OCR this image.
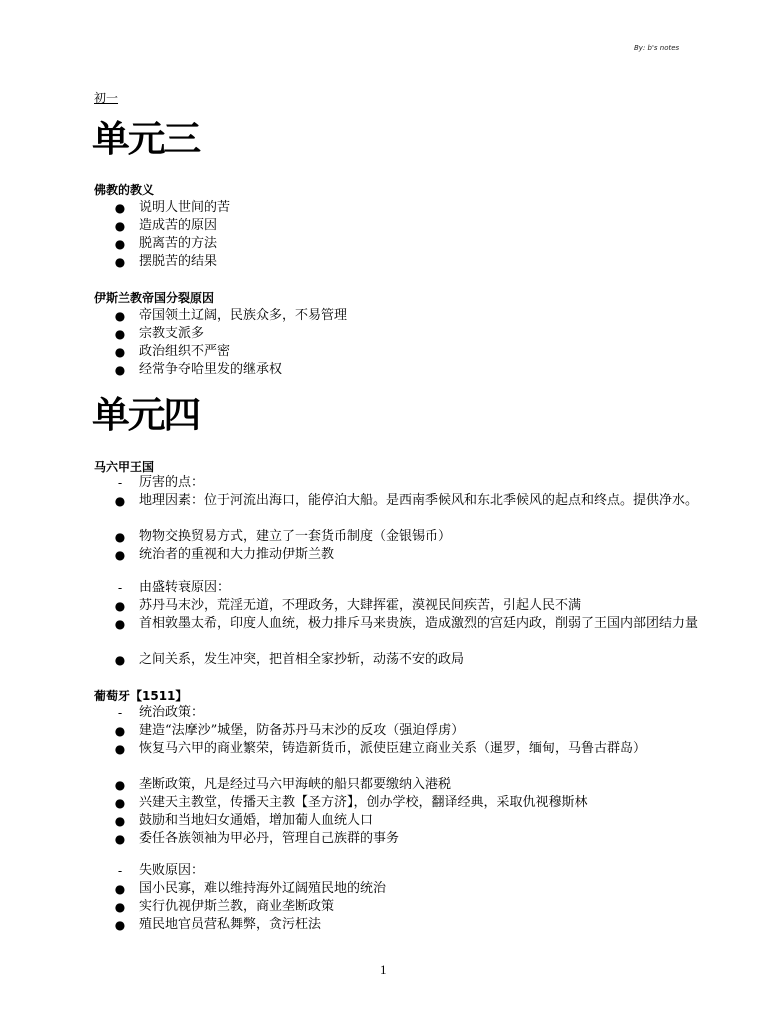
By: b's notes
初一
单元三
佛教的教义
● 说明人世间的苦
● 造成苦的原因
● 脱离苦的方法
● 摆脱苦的结果
伊斯兰教帝国分裂原因
● 帝国领土辽阔，民族众多，不易管理
● 宗教支派多
● 政治组织不严密
● 经常争夺哈里发的继承权
单元四
马六甲王国
-	厉害的点：
● 地理因素：位于河流出海口，能停泊大船。是西南季候风和东北季候风的起点和终点。提供净水。
● 物物交换贸易方式，建立了一套货币制度（金银锡币）
● 统治者的重视和大力推动伊斯兰教
-	由盛转衰原因：
● 苏丹马末沙，荒淫无道，不理政务，大肆挥霍，漠视民间疾苦，引起人民不满
● 首相敦墨太希，印度人血统，极力排斥马来贵族，造成激烈的宫廷内政，削弱了王国内部团结力量
● 之间关系，发生冲突，把首相全家抄斩，动荡不安的政局
葡萄牙【1511】
-	统治政策：
● 建造“法摩沙”城堡，防备苏丹马末沙的反攻（强迫俘虏）
● 恢复马六甲的商业繁荣，铸造新货币，派使臣建立商业关系（暹罗，缅甸，马鲁古群岛）
● 垄断政策，凡是经过马六甲海峡的船只都要缴纳入港税
● 兴建天主教堂，传播天主教【圣方济】，创办学校，翻译经典，采取仇视穆斯林
● 鼓励和当地妇女通婚，增加葡人血统人口
● 委任各族领袖为甲必丹，管理自己族群的事务
-	失败原因：
● 国小民寡，难以维持海外辽阔殖民地的统治
● 实行仇视伊斯兰教，商业垄断政策
● 殖民地官员营私舞弊，贪污枉法
1
